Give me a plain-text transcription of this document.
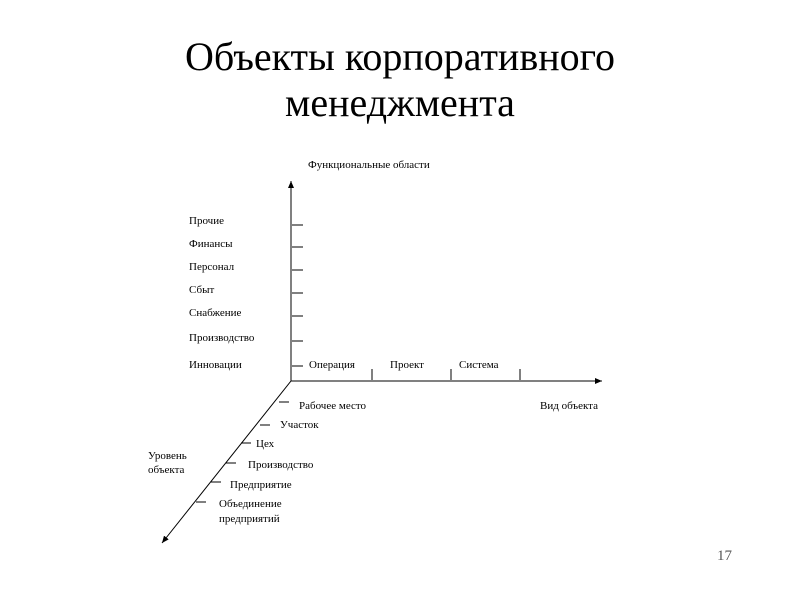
Объекты корпоративного
менеджмента
Функциональные области
Вид объекта
Уровень
объекта
Прочие
Финансы
Персонал
Сбыт
Снабжение
Производство
Инновации	Операция	Проект	Система
Рабочее место
Участок
Цех
Производство
Предприятие
Объединение
предприятий
17
